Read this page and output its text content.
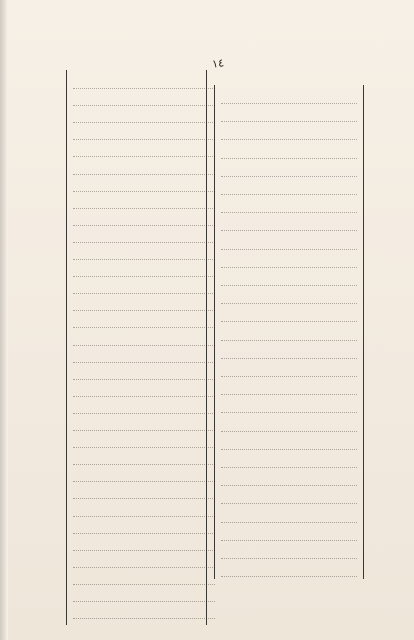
١٤
